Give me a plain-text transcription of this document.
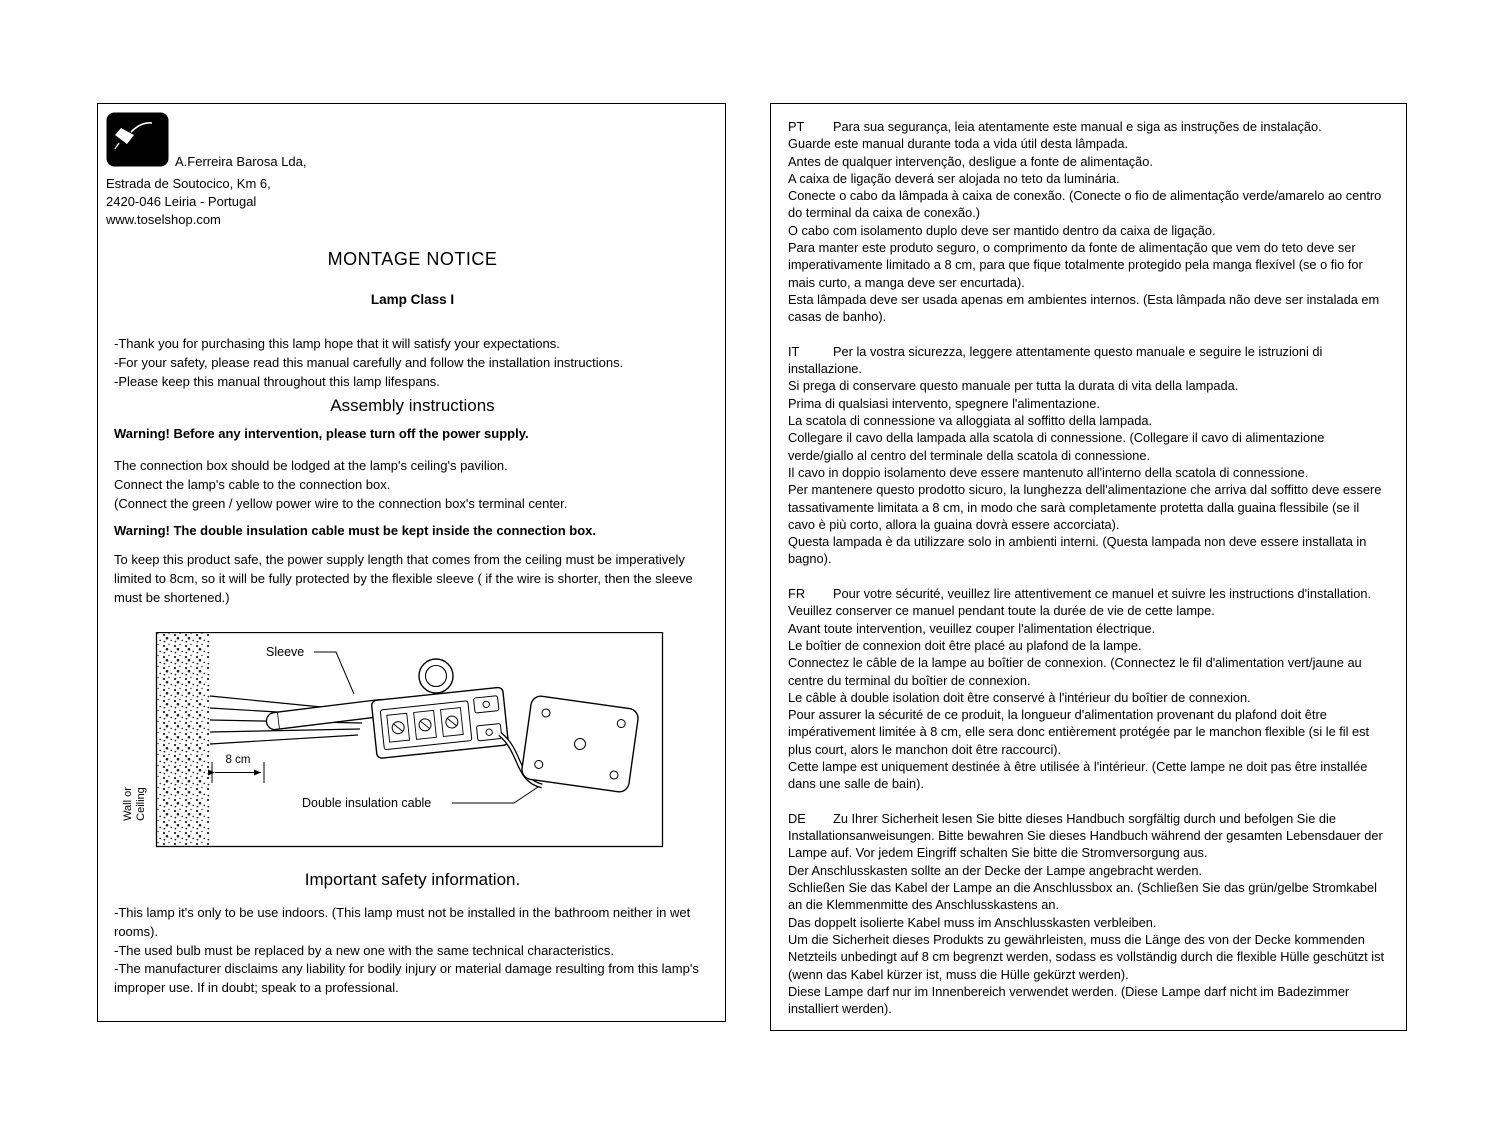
Tosel A.Ferreira Barosa Lda,
Estrada de Soutocico, Km 6,
2420-046 Leiria - Portugal
www.toselshop.com
MONTAGE NOTICE
Lamp Class I
-Thank you for purchasing this lamp hope that it will satisfy your expectations.
-For your safety, please read this manual carefully and follow the installation instructions.
-Please keep this manual throughout this lamp lifespans.
Assembly instructions
Warning! Before any intervention, please turn off the power supply.
The connection box should be lodged at the lamp's ceiling's pavilion.
Connect the lamp's cable to the connection box.
(Connect the green / yellow power wire to the connection box's terminal center.
Warning! The double insulation cable must be kept inside the connection box.
To keep this product safe, the power supply length that comes from the ceiling must be imperatively limited to 8cm, so it will be fully protected by the flexible sleeve ( if the wire is shorter, then the sleeve must be shortened.)
Wall or Ceiling
Sleeve
8 cm
Double insulation cable
Important safety information.
-This lamp it's only to be use indoors. (This lamp must not be installed in the bathroom neither in wet rooms).
-The used bulb must be replaced by a new one with the same technical characteristics.
-The manufacturer disclaims any liability for bodily injury or material damage resulting from this lamp's improper use. If in doubt; speak to a professional.
PT Para sua segurança, leia atentamente este manual e siga as instruções de instalação.
Guarde este manual durante toda a vida útil desta lâmpada.
Antes de qualquer intervenção, desligue a fonte de alimentação.
A caixa de ligação deverá ser alojada no teto da luminária.
Conecte o cabo da lâmpada à caixa de conexão. (Conecte o fio de alimentação verde/amarelo ao centro do terminal da caixa de conexão.)
O cabo com isolamento duplo deve ser mantido dentro da caixa de ligação.
Para manter este produto seguro, o comprimento da fonte de alimentação que vem do teto deve ser imperativamente limitado a 8 cm, para que fique totalmente protegido pela manga flexível (se o fio for mais curto, a manga deve ser encurtada).
Esta lâmpada deve ser usada apenas em ambientes internos. (Esta lâmpada não deve ser instalada em casas de banho).
IT	Per la vostra sicurezza, leggere attentamente questo manuale e seguire le istruzioni di installazione.
Si prega di conservare questo manuale per tutta la durata di vita della lampada.
Prima di qualsiasi intervento, spegnere l'alimentazione.
La scatola di connessione va alloggiata al soffitto della lampada.
Collegare il cavo della lampada alla scatola di connessione. (Collegare il cavo di alimentazione verde/giallo al centro del terminale della scatola di connessione.
Il cavo in doppio isolamento deve essere mantenuto all'interno della scatola di connessione.
Per mantenere questo prodotto sicuro, la lunghezza dell'alimentazione che arriva dal soffitto deve essere tassativamente limitata a 8 cm, in modo che sarà completamente protetta dalla guaina flessibile (se il cavo è più corto, allora la guaina dovrà essere accorciata).
Questa lampada è da utilizzare solo in ambienti interni. (Questa lampada non deve essere installata in bagno).
FR Pour votre sécurité, veuillez lire attentivement ce manuel et suivre les instructions d'installation. Veuillez conserver ce manuel pendant toute la durée de vie de cette lampe.
Avant toute intervention, veuillez couper l'alimentation électrique.
Le boîtier de connexion doit être placé au plafond de la lampe.
Connectez le câble de la lampe au boîtier de connexion. (Connectez le fil d'alimentation vert/jaune au centre du terminal du boîtier de connexion.
Le câble à double isolation doit être conservé à l'intérieur du boîtier de connexion.
Pour assurer la sécurité de ce produit, la longueur d'alimentation provenant du plafond doit être impérativement limitée à 8 cm, elle sera donc entièrement protégée par le manchon flexible (si le fil est plus court, alors le manchon doit être raccourci).
Cette lampe est uniquement destinée à être utilisée à l'intérieur. (Cette lampe ne doit pas être installée dans une salle de bain).
DE Zu Ihrer Sicherheit lesen Sie bitte dieses Handbuch sorgfältig durch und befolgen Sie die Installationsanweisungen. Bitte bewahren Sie dieses Handbuch während der gesamten Lebensdauer der Lampe auf. Vor jedem Eingriff schalten Sie bitte die Stromversorgung aus.
Der Anschlusskasten sollte an der Decke der Lampe angebracht werden.
Schließen Sie das Kabel der Lampe an die Anschlussbox an. (Schließen Sie das grün/gelbe Stromkabel an die Klemmenmitte des Anschlusskastens an.
Das doppelt isolierte Kabel muss im Anschlusskasten verbleiben.
Um die Sicherheit dieses Produkts zu gewährleisten, muss die Länge des von der Decke kommenden Netzteils unbedingt auf 8 cm begrenzt werden, sodass es vollständig durch die flexible Hülle geschützt ist (wenn das Kabel kürzer ist, muss die Hülle gekürzt werden).
Diese Lampe darf nur im Innenbereich verwendet werden. (Diese Lampe darf nicht im Badezimmer installiert werden).
